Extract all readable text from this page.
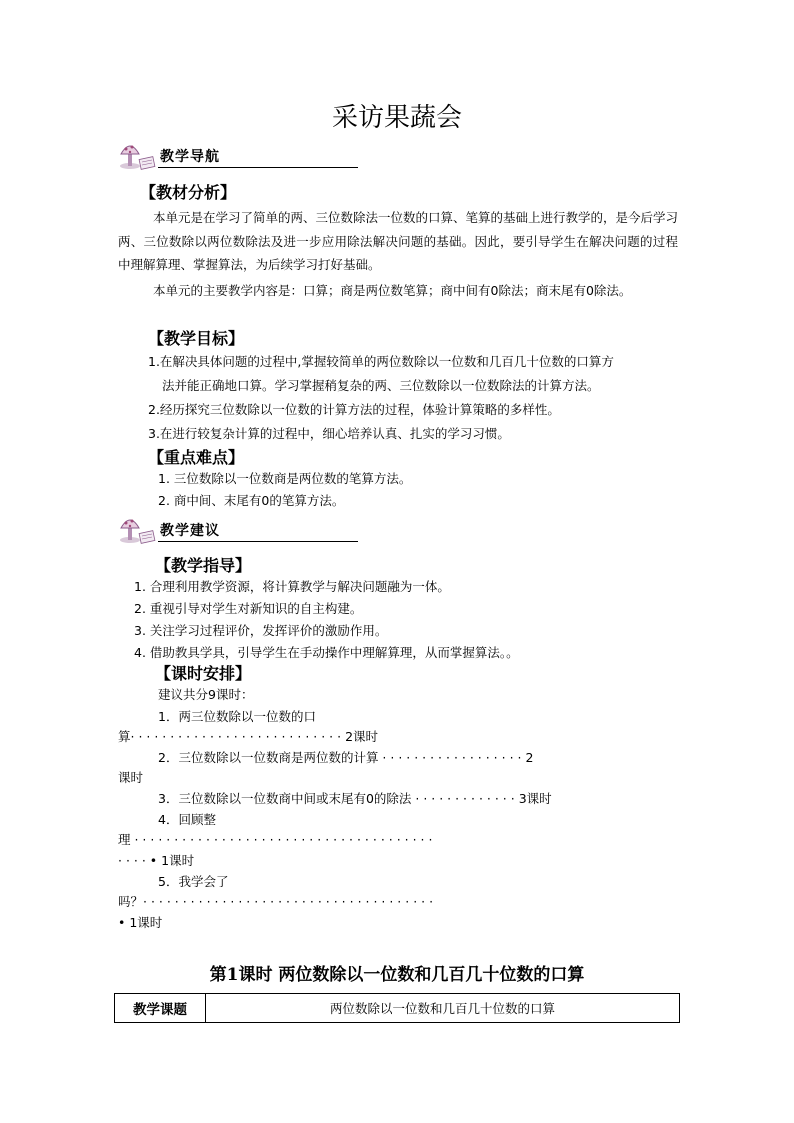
采访果蔬会
教学导航
【教材分析】
本单元是在学习了简单的两、三位数除法一位数的口算、笔算的基础上进行教学的，是今后学习两、三位数除以两位数除法及进一步应用除法解决问题的基础。因此，要引导学生在解决问题的过程中理解算理、掌握算法，为后续学习打好基础。
本单元的主要教学内容是：口算；商是两位数笔算；商中间有0除法；商末尾有0除法。
【教学目标】
1.在解决具体问题的过程中,掌握较简单的两位数除以一位数和几百几十位数的口算方
法并能正确地口算。学习掌握稍复杂的两、三位数除以一位数除法的计算方法。
2.经历探究三位数除以一位数的计算方法的过程，体验计算策略的多样性。
3.在进行较复杂计算的过程中，细心培养认真、扎实的学习习惯。
【重点难点】
1. 三位数除以一位数商是两位数的笔算方法。
2. 商中间、末尾有0的笔算方法。
教学建议
【教学指导】
1. 合理利用教学资源，将计算教学与解决问题融为一体。
2. 重视引导对学生对新知识的自主构建。
3. 关注学习过程评价，发挥评价的激励作用。
4. 借助教具学具，引导学生在手动操作中理解算理，从而掌握算法。。
【课时安排】
建议共分9课时：
1．两三位数除以一位数的口
算· · · · · · · · · · · · · · · · · · · · · · · · · · · 2课时
2．三位数除以一位数商是两位数的计算 · · · · · · · · · · · · · · · · · · 2
课时
3．三位数除以一位数商中间或末尾有0的除法 · · · · · · · · · · · · · 3课时
4．回顾整
理 · · · · · · · · · · · · · · · · · · · · · · · · · · · · · · · · · · · · · ·
· · · · • 1课时
5．我学会了
吗？· · · · · · · · · · · · · · · · · · · · · · · · · · · · · · · · · · · · ·
• 1课时
第1课时 两位数除以一位数和几百几十位数的口算
教学课题	两位数除以一位数和几百几十位数的口算
